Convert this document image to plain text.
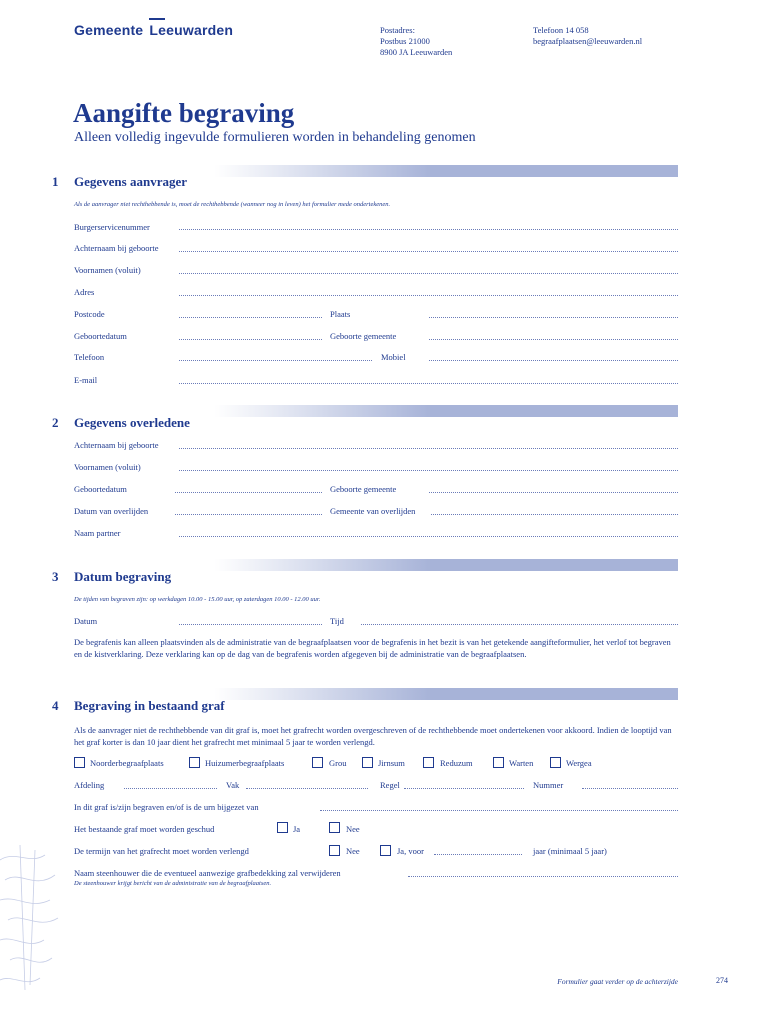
Gemeente Leeuwarden	Postadres:
Postbus 21000
8900 JA Leeuwarden
Telefoon 14 058
begraafplaatsen@leeuwarden.nl
Aangifte begraving
Alleen volledig ingevulde formulieren worden in behandeling genomen
1 Gegevens aanvrager
Als de aanvrager niet rechthebbende is, moet de rechthebbende (wanneer nog in leven) het formulier mede ondertekenen.
Burgerservicenummer
Achternaam bij geboorte
Voornamen (voluit)
Adres
Postcode	Plaats
Geboortedatum	Geboorte gemeente
Telefoon	Mobiel
E-mail
2 Gegevens overledene
Achternaam bij geboorte
Voornamen (voluit)
Geboortedatum	Geboorte gemeente
Datum van overlijden	Gemeente van overlijden
Naam partner
3 Datum begraving
De tijden van begraven zijn: op werkdagen 10.00 - 15.00 uur, op zaterdagen 10.00 - 12.00 uur.
Datum	Tijd
De begrafenis kan alleen plaatsvinden als de administratie van de begraafplaatsen voor de begrafenis in het bezit is van het getekende aangifteformulier, het verlof tot begraven en de kistverklaring. Deze verklaring kan op de dag van de begrafenis worden afgegeven bij de administratie van de begraafplaatsen.
4 Begraving in bestaand graf
Als de aanvrager niet de rechthebbende van dit graf is, moet het grafrecht worden overgeschreven of de rechthebbende moet ondertekenen voor akkoord. Indien de looptijd van het graf korter is dan 10 jaar dient het grafrecht met minimaal 5 jaar te worden verlengd.
Noorderbegraafplaats	Huizumerbegraafplaats	Grou	Jirnsum	Reduzum	Warten	Wergea
Afdeling	Vak	Regel	Nummer
In dit graf is/zijn begraven en/of is de urn bijgezet van
Het bestaande graf moet worden geschud	Ja	Nee
De termijn van het grafrecht moet worden verlengd	Nee	Ja, voor	jaar (minimaal 5 jaar)
Naam steenhouwer die de eventueel aanwezige grafbedekking zal verwijderen
De steenhouwer krijgt bericht van de administratie van de begraafplaatsen.
Formulier gaat verder op de achterzijde	274
